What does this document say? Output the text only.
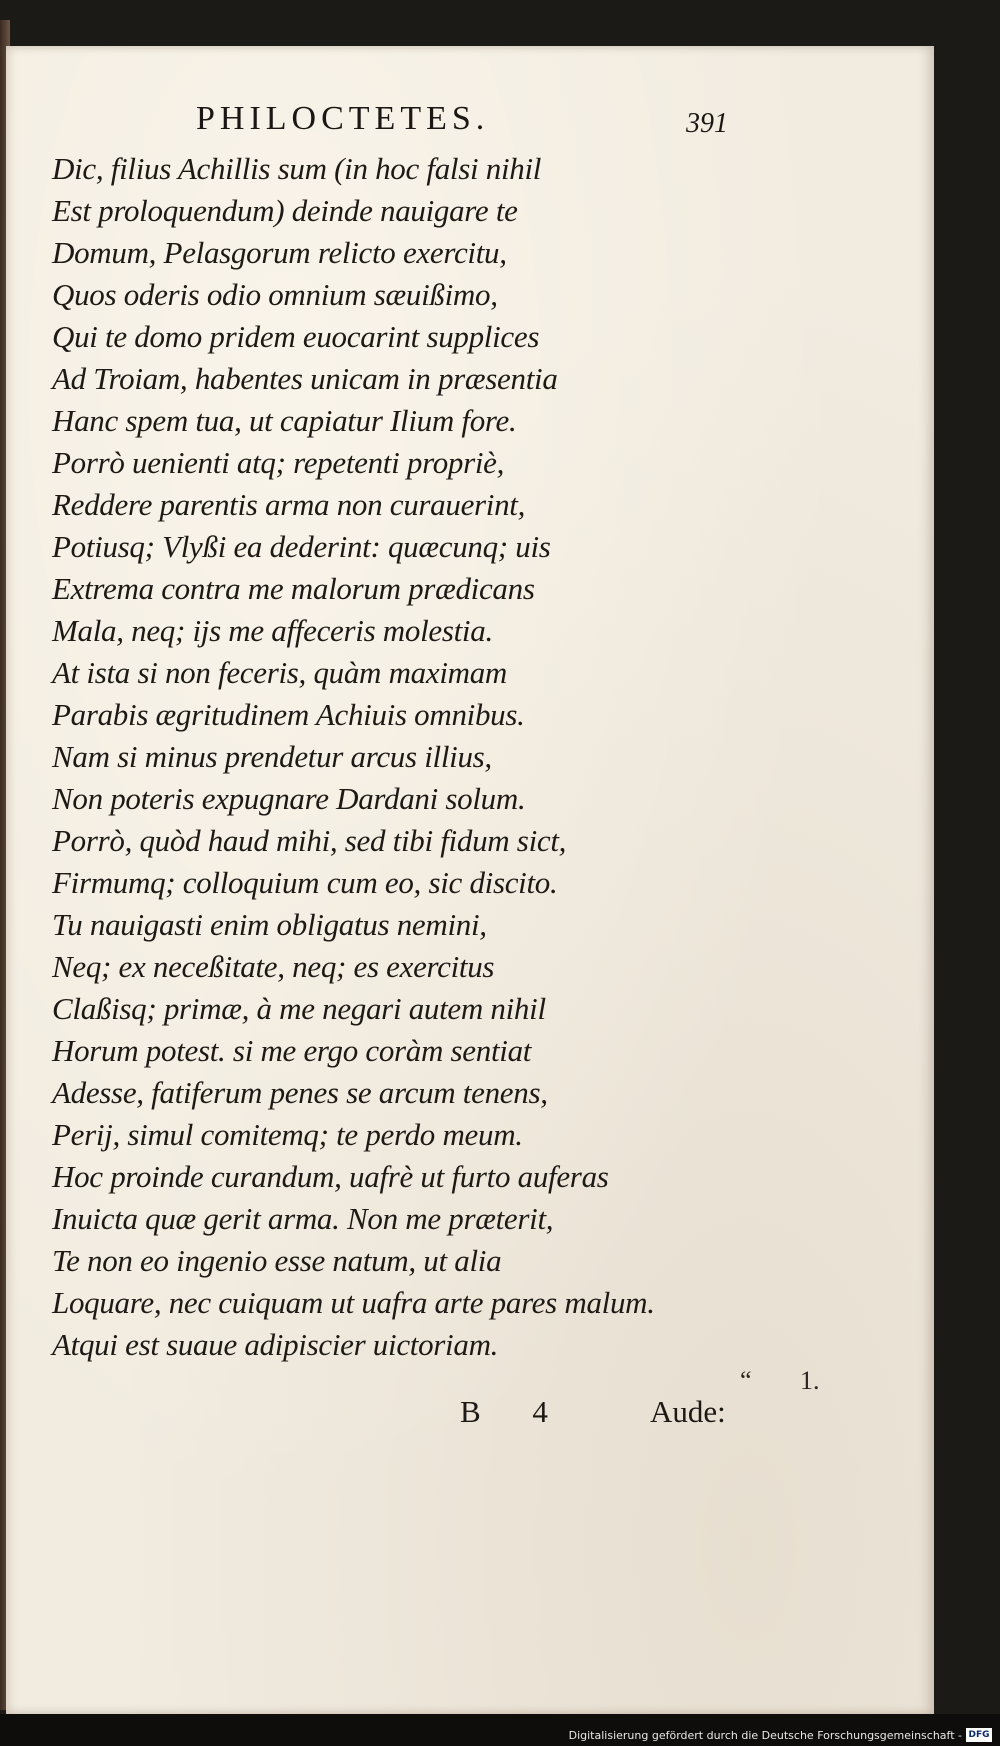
PHILOCTETES.	391
Dic, filius Achillis sum (in hoc falsi nihil
Est proloquendum) deinde nauigare te
Domum, Pelasgorum relicto exercitu,
Quos oderis odio omnium sæuißimo,
Qui te domo pridem euocarint supplices
Ad Troiam, habentes unicam in præsentia
Hanc spem tua, ut capiatur Ilium fore.
Porrò uenienti atq; repetenti propriè,
Reddere parentis arma non curauerint,
Potiusq; Vlyßi ea dederint: quæcunq; uis
Extrema contra me malorum prædicans
Mala, neq; ijs me affeceris molestia.
At ista si non feceris, quàm maximam
Parabis ægritudinem Achiuis omnibus.
Nam si minus prendetur arcus illius,
Non poteris expugnare Dardani solum.
Porrò, quòd haud mihi, sed tibi fidum sict,
Firmumq; colloquium cum eo, sic discito.
Tu nauigasti enim obligatus nemini,
Neq; ex neceßitate, neq; es exercitus
Claßisq; primæ, à me negari autem nihil
Horum potest. si me ergo coràm sentiat
Adesse, fatiferum penes se arcum tenens,
Perij, simul comitemq; te perdo meum.
Hoc proinde curandum, uafrè ut furto auferas
Inuicta quæ gerit arma. Non me præterit,
Te non eo ingenio esse natum, ut alia
Loquare, nec cuiquam ut uafra arte pares malum.
Atqui est suaue adipiscier uictoriam.
“ 1.
B 4	Aude:
Digitalisierung gefördert durch die Deutsche Forschungsgemeinschaft - DFG
